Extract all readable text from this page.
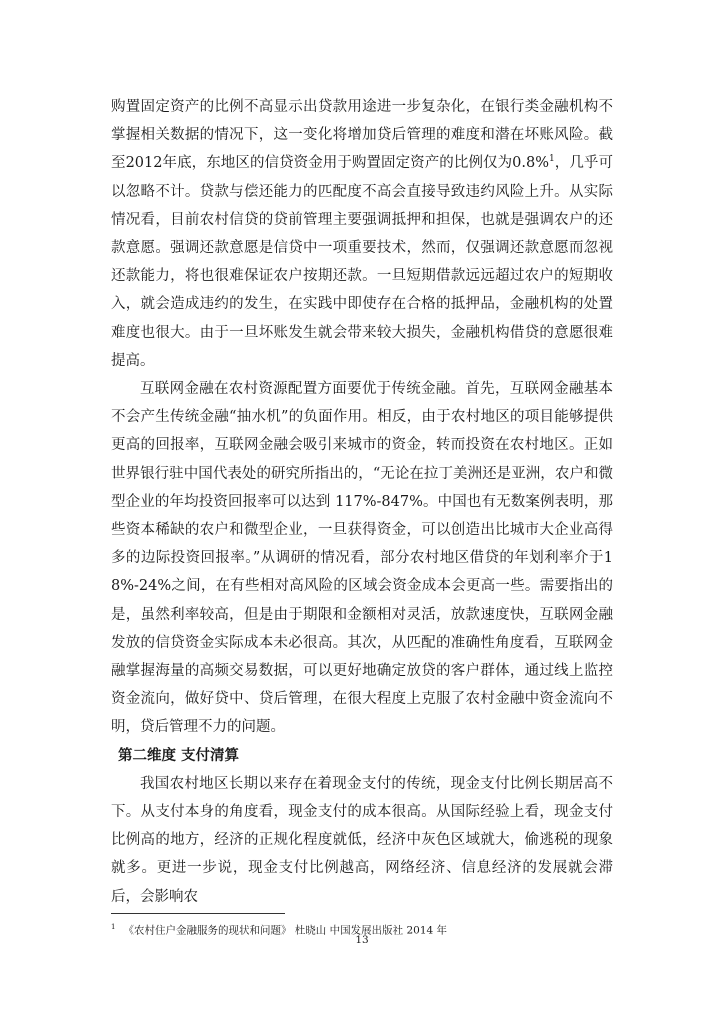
购置固定资产的比例不高显示出贷款用途进一步复杂化，在银行类金融机构不掌握相关数据的情况下，这一变化将增加贷后管理的难度和潜在坏账风险。截至2012年底，东地区的信贷资金用于购置固定资产的比例仅为0.8%$^1$，几乎可以忽略不计。贷款与偿还能力的匹配度不高会直接导致违约风险上升。从实际情况看，目前农村信贷的贷前管理主要强调抵押和担保，也就是强调农户的还款意愿。强调还款意愿是信贷中一项重要技术，然而，仅强调还款意愿而忽视还款能力，将也很难保证农户按期还款。一旦短期借款远远超过农户的短期收入，就会造成违约的发生，在实践中即使存在合格的抵押品，金融机构的处置难度也很大。由于一旦坏账发生就会带来较大损失，金融机构借贷的意愿很难提高。

互联网金融在农村资源配置方面要优于传统金融。首先，互联网金融基本不会产生传统金融“抽水机”的负面作用。相反，由于农村地区的项目能够提供更高的回报率，互联网金融会吸引来城市的资金，转而投资在农村地区。正如世界银行驻中国代表处的研究所指出的，“无论在拉丁美洲还是亚洲，农户和微型企业的年均投资回报率可以达到 117%-847%。中国也有无数案例表明，那些资本稀缺的农户和微型企业，一旦获得资金，可以创造出比城市大企业高得多的边际投资回报率。”从调研的情况看，部分农村地区借贷的年划利率介于18%-24%之间，在有些相对高风险的区域会资金成本会更高一些。需要指出的是，虽然利率较高，但是由于期限和金额相对灵活，放款速度快，互联网金融发放的信贷资金实际成本未必很高。其次，从匹配的准确性角度看，互联网金融掌握海量的高频交易数据，可以更好地确定放贷的客户群体，通过线上监控资金流向，做好贷中、贷后管理，在很大程度上克服了农村金融中资金流向不明，贷后管理不力的问题。

第二维度 支付清算

我国农村地区长期以来存在着现金支付的传统，现金支付比例长期居高不下。从支付本身的角度看，现金支付的成本很高。从国际经验上看，现金支付比例高的地方，经济的正规化程度就低，经济中灰色区域就大，偷逃税的现象就多。更进一步说，现金支付比例越高，网络经济、信息经济的发展就会滞后，会影响农

$^1$ 《农村住户金融服务的现状和问题》 杜晓山 中国发展出版社 2014 年
13
